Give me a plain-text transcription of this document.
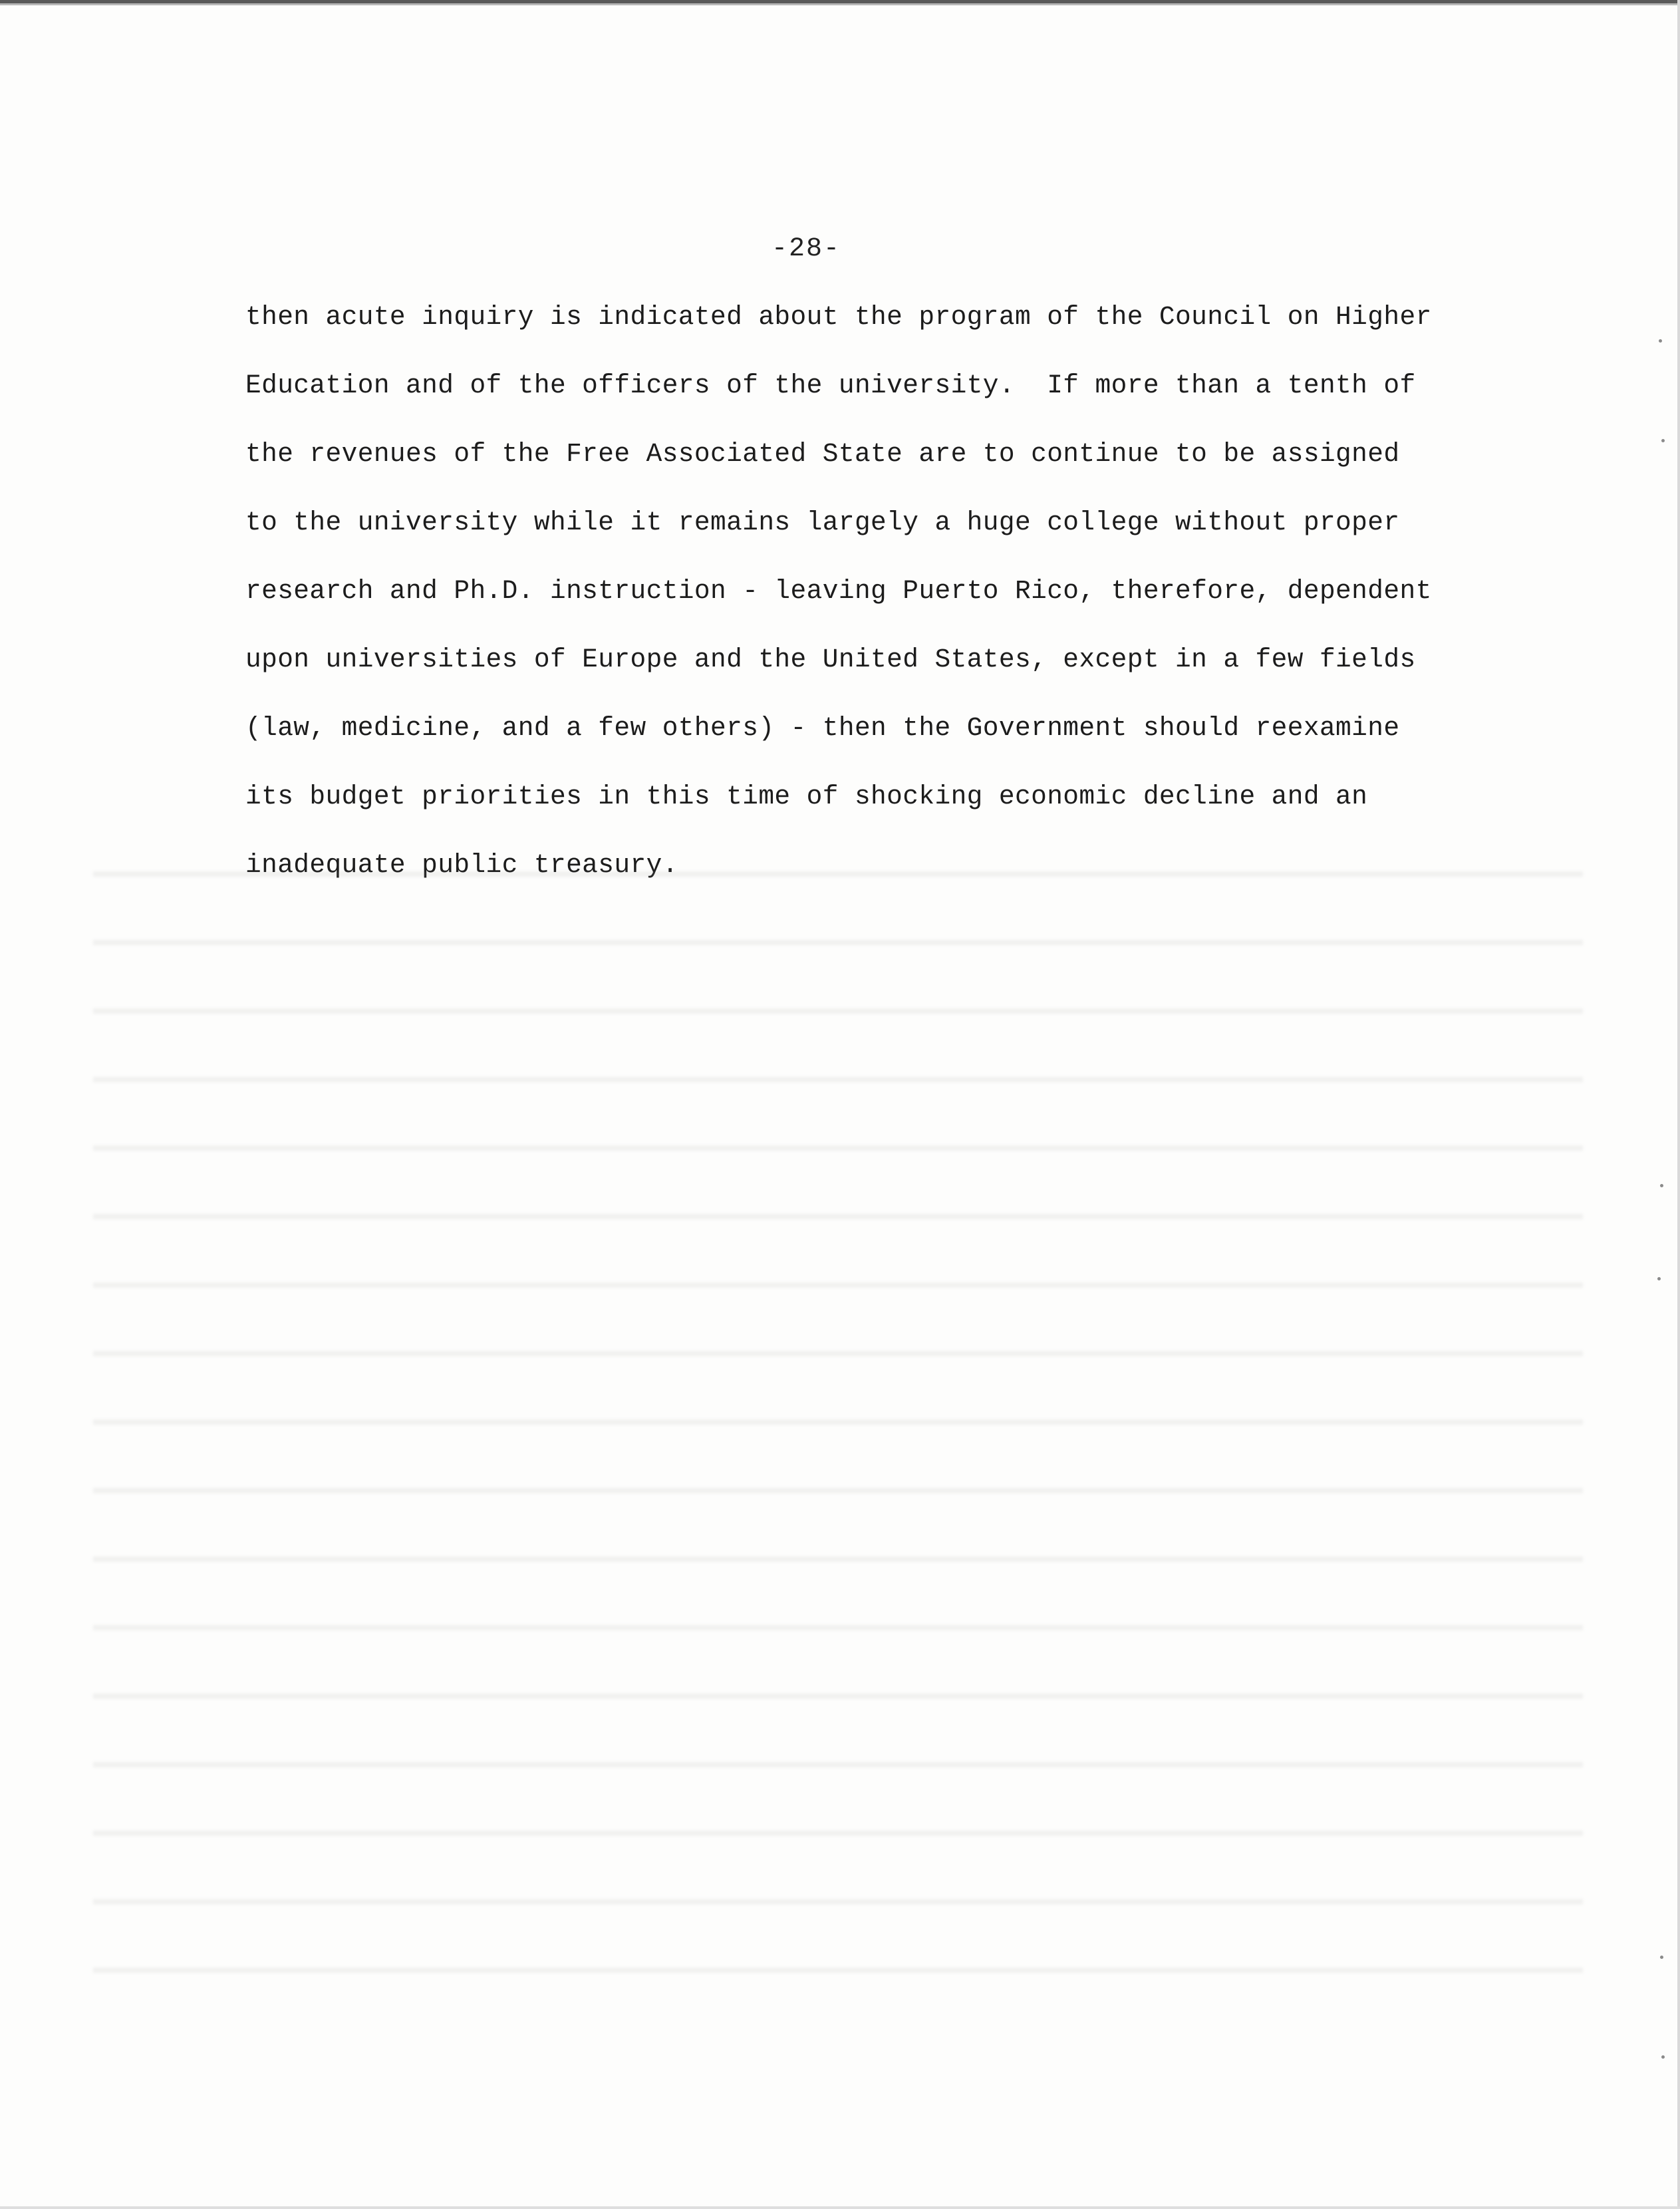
-28-
then acute inquiry is indicated about the program of the Council on Higher
Education and of the officers of the university.  If more than a tenth of
the revenues of the Free Associated State are to continue to be assigned
to the university while it remains largely a huge college without proper
research and Ph.D. instruction - leaving Puerto Rico, therefore, dependent
upon universities of Europe and the United States, except in a few fields
(law, medicine, and a few others) - then the Government should reexamine
its budget priorities in this time of shocking economic decline and an
inadequate public treasury.
